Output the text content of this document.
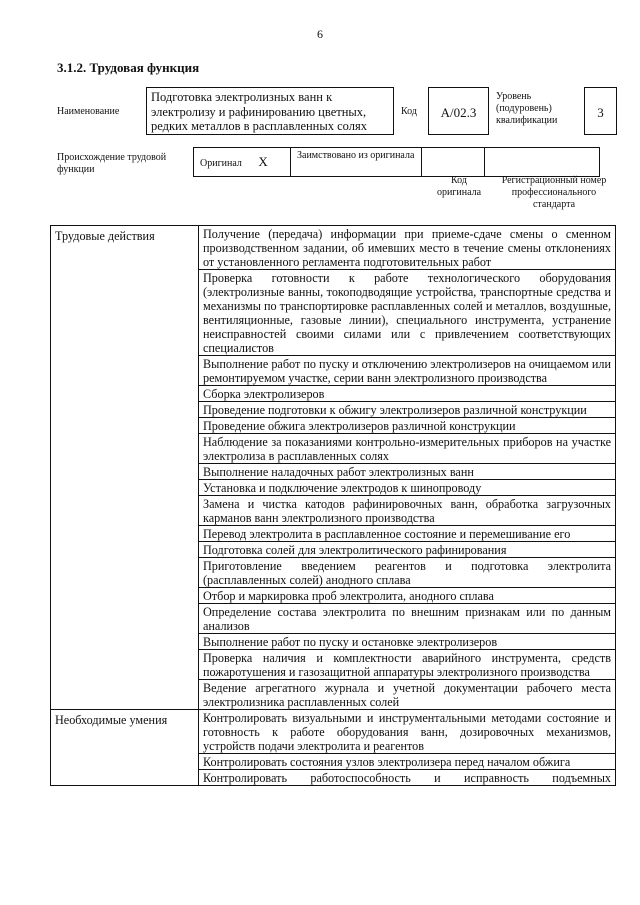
6
3.1.2. Трудовая функция
Наименование
Подготовка электролизных ванн к электролизу и рафинированию цветных, редких металлов в расплавленных солях
Код	А/02.3
Уровень (подуровень) квалификации
3
Происхождение трудовой функции
Оригинал X	Заимствовано из оригинала		
Код оригинала
Регистрационный номер профессионального стандарта
Трудовые действия	Получение (передача) информации при приеме-сдаче смены о сменном производственном задании, об имевших место в течение смены отклонениях от установленного регламента подготовительных работ
	Проверка готовности к работе технологического оборудования (электролизные ванны, токоподводящие устройства, транспортные средства и механизмы по транспортировке расплавленных солей и металлов, воздушные, вентиляционные, газовые линии), специального инструмента, устранение неисправностей своими силами или с привлечением соответствующих специалистов
	Выполнение работ по пуску и отключению электролизеров на очищаемом или ремонтируемом участке, серии ванн электролизного производства
	Сборка электролизеров
	Проведение подготовки к обжигу электролизеров различной конструкции
	Проведение обжига электролизеров различной конструкции
	Наблюдение за показаниями контрольно-измерительных приборов на участке электролиза в расплавленных солях
	Выполнение наладочных работ электролизных ванн
	Установка и подключение электродов к шинопроводу
	Замена и чистка катодов рафинировочных ванн, обработка загрузочных карманов ванн электролизного производства
	Перевод электролита в расплавленное состояние и перемешивание его
	Подготовка солей для электролитического рафинирования
	Приготовление введением реагентов и подготовка электролита (расплавленных солей) анодного сплава
	Отбор и маркировка проб электролита, анодного сплава
	Определение состава электролита по внешним признакам или по данным анализов
	Выполнение работ по пуску и остановке электролизеров
	Проверка наличия и комплектности аварийного инструмента, средств пожаротушения и газозащитной аппаратуры электролизного производства
	Ведение агрегатного журнала и учетной документации рабочего места электролизника расплавленных солей
Необходимые умения	Контролировать визуальными и инструментальными методами состояние и готовность к работе оборудования ванн, дозировочных механизмов, устройств подачи электролита и реагентов
	Контролировать состояния узлов электролизера перед началом обжига
	Контролировать работоспособность и исправность подъемных
